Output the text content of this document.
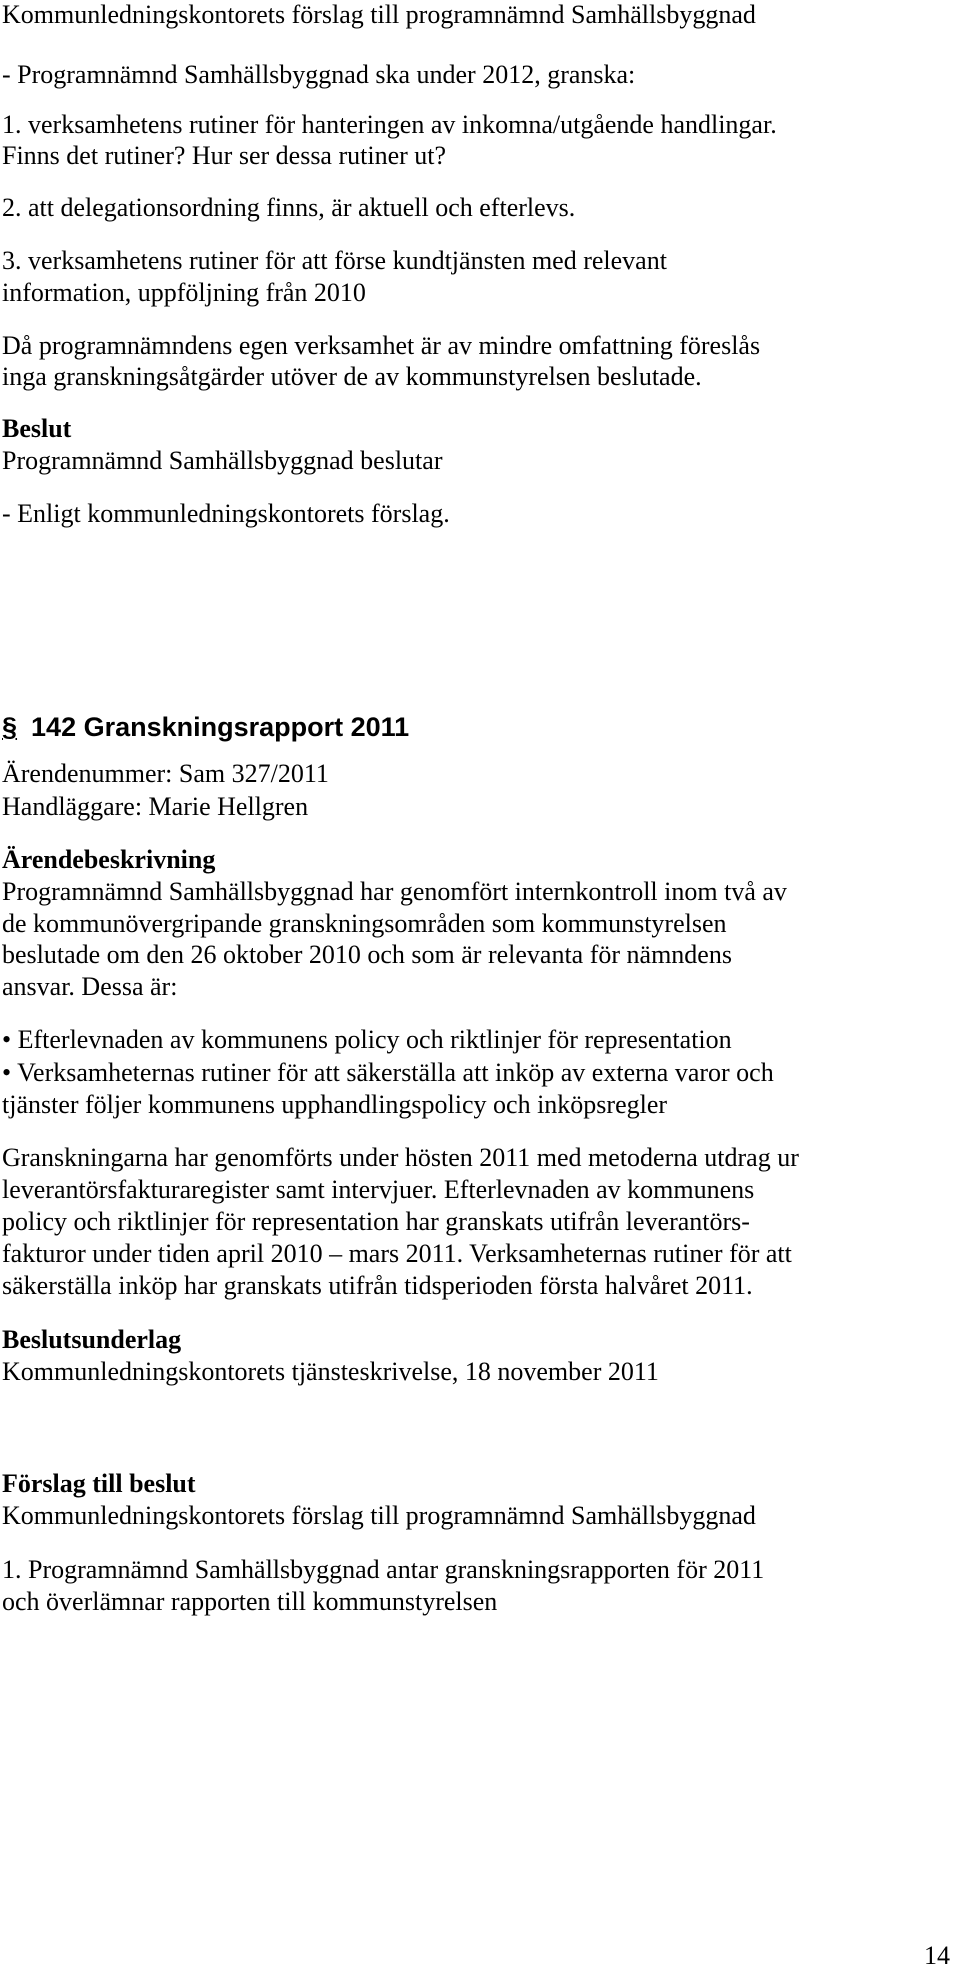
Kommunledningskontorets förslag till programnämnd Samhällsbyggnad

- Programnämnd Samhällsbyggnad ska under 2012, granska:

1. verksamhetens rutiner för hanteringen av inkomna/utgående handlingar.

Finns det rutiner? Hur ser dessa rutiner ut?

2. att delegationsordning finns, är aktuell och efterlevs.

3. verksamhetens rutiner för att förse kundtjänsten med relevant

information, uppföljning från 2010

Då programnämndens egen verksamhet är av mindre omfattning föreslås

inga granskningsåtgärder utöver de av kommunstyrelsen beslutade.

Beslut

Programnämnd Samhällsbyggnad beslutar

- Enligt kommunledningskontorets förslag.

§ 142 Granskningsrapport 2011

Ärendenummer: Sam 327/2011

Handläggare: Marie Hellgren

Ärendebeskrivning

Programnämnd Samhällsbyggnad har genomfört internkontroll inom två av

de kommunövergripande granskningsområden som kommunstyrelsen

beslutade om den 26 oktober 2010 och som är relevanta för nämndens

ansvar. Dessa är:

• Efterlevnaden av kommunens policy och riktlinjer för representation

• Verksamheternas rutiner för att säkerställa att inköp av externa varor och

tjänster följer kommunens upphandlingspolicy och inköpsregler

Granskningarna har genomförts under hösten 2011 med metoderna utdrag ur

leverantörsfakturaregister samt intervjuer. Efterlevnaden av kommunens

policy och riktlinjer för representation har granskats utifrån leverantörs-

fakturor under tiden april 2010 – mars 2011. Verksamheternas rutiner för att

säkerställa inköp har granskats utifrån tidsperioden första halvåret 2011.

Beslutsunderlag

Kommunledningskontorets tjänsteskrivelse, 18 november 2011

Förslag till beslut

Kommunledningskontorets förslag till programnämnd Samhällsbyggnad

1. Programnämnd Samhällsbyggnad antar granskningsrapporten för 2011

och överlämnar rapporten till kommunstyrelsen

14
